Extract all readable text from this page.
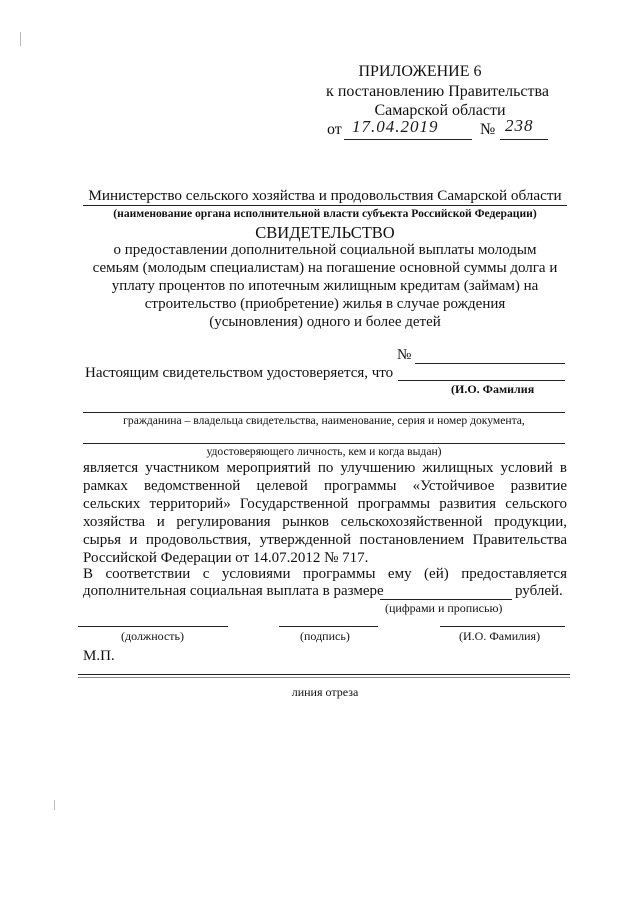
ПРИЛОЖЕНИЕ 6
к постановлению Правительства
Самарской области
от 17.04.2019	№ 238
Министерство сельского хозяйства и продовольствия Самарской области
(наименование органа исполнительной власти субъекта Российской Федерации)
СВИДЕТЕЛЬСТВО
о предоставлении дополнительной социальной выплаты молодым
семьям (молодым специалистам) на погашение основной суммы долга и
уплату процентов по ипотечным жилищным кредитам (займам) на
строительство (приобретение) жилья в случае рождения
(усыновления) одного и более детей
№
Настоящим свидетельством удостоверяется, что
(И.О. Фамилия
гражданина – владельца свидетельства, наименование, серия и номер документа,
удостоверяющего личность, кем и когда выдан)
является участником мероприятий по улучшению жилищных условий в
рамках ведомственной целевой программы «Устойчивое развитие
сельских территорий» Государственной программы развития сельского
хозяйства и регулирования рынков сельскохозяйственной продукции,
сырья и продовольствия, утвержденной постановлением Правительства
Российской Федерации от 14.07.2012 № 717.
В соответствии с условиями программы ему (ей) предоставляется
дополнительная социальная выплата в размере	рублей.
(цифрами и прописью)
(должность)	(подпись)	(И.О. Фамилия)
М.П.
линия отреза
